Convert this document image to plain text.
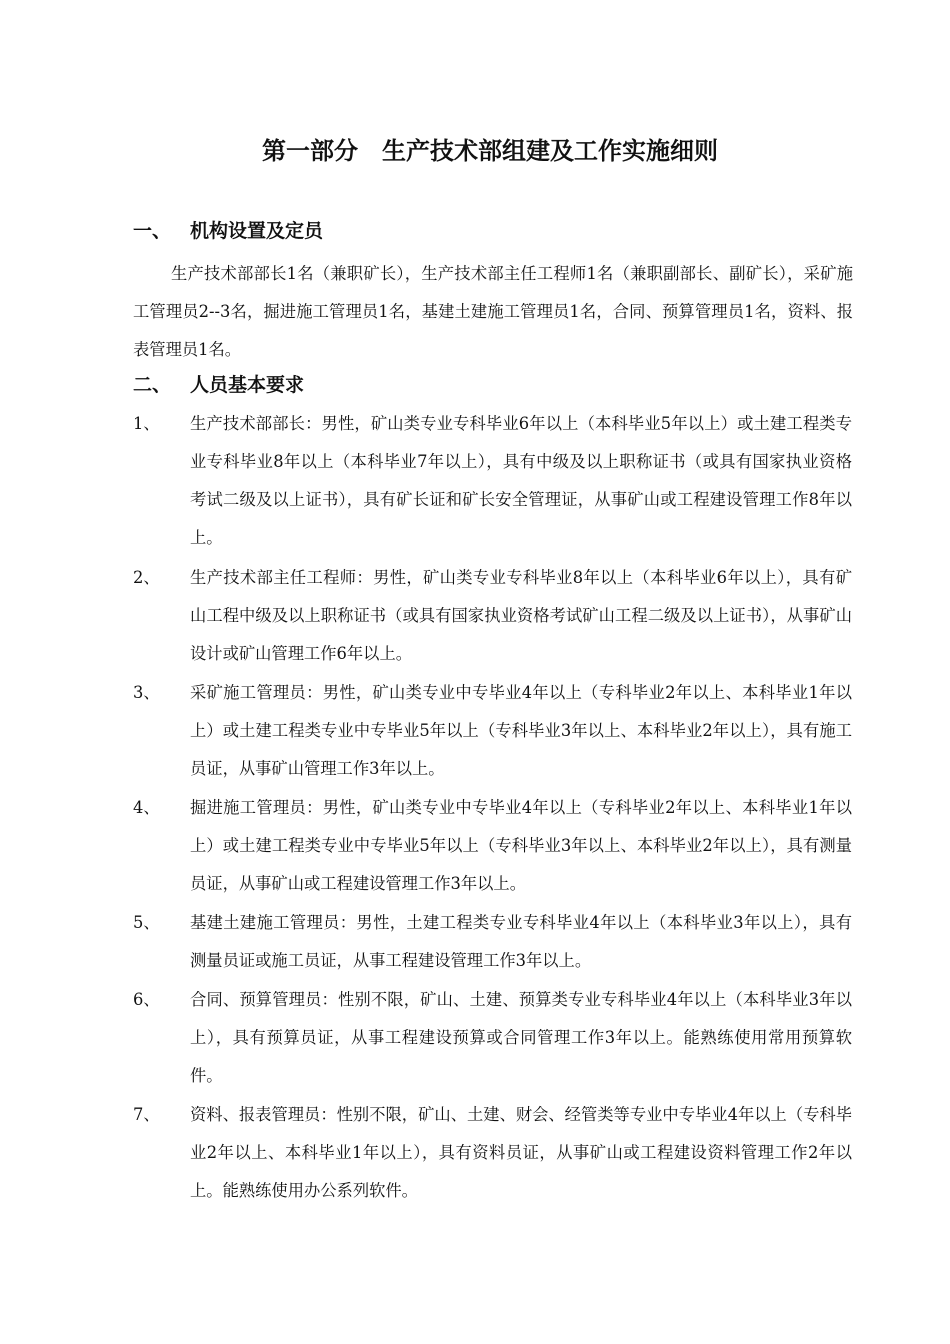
第一部分　生产技术部组建及工作实施细则
一、 机构设置及定员
生产技术部部长1名（兼职矿长），生产技术部主任工程师1名（兼职副部长、副矿长），采矿施工管理员2--3名，掘进施工管理员1名，基建土建施工管理员1名，合同、预算管理员1名，资料、报表管理员1名。
二、 人员基本要求
1、 生产技术部部长：男性，矿山类专业专科毕业6年以上（本科毕业5年以上）或土建工程类专业专科毕业8年以上（本科毕业7年以上），具有中级及以上职称证书（或具有国家执业资格考试二级及以上证书），具有矿长证和矿长安全管理证，从事矿山或工程建设管理工作8年以上。
2、 生产技术部主任工程师：男性，矿山类专业专科毕业8年以上（本科毕业6年以上），具有矿山工程中级及以上职称证书（或具有国家执业资格考试矿山工程二级及以上证书），从事矿山设计或矿山管理工作6年以上。
3、 采矿施工管理员：男性，矿山类专业中专毕业4年以上（专科毕业2年以上、本科毕业1年以上）或土建工程类专业中专毕业5年以上（专科毕业3年以上、本科毕业2年以上），具有施工员证，从事矿山管理工作3年以上。
4、 掘进施工管理员：男性，矿山类专业中专毕业4年以上（专科毕业2年以上、本科毕业1年以上）或土建工程类专业中专毕业5年以上（专科毕业3年以上、本科毕业2年以上），具有测量员证，从事矿山或工程建设管理工作3年以上。
5、 基建土建施工管理员：男性，土建工程类专业专科毕业4年以上（本科毕业3年以上），具有测量员证或施工员证，从事工程建设管理工作3年以上。
6、 合同、预算管理员：性别不限，矿山、土建、预算类专业专科毕业4年以上（本科毕业3年以上），具有预算员证，从事工程建设预算或合同管理工作3年以上。能熟练使用常用预算软件。
7、 资料、报表管理员：性别不限，矿山、土建、财会、经管类等专业中专毕业4年以上（专科毕业2年以上、本科毕业1年以上），具有资料员证，从事矿山或工程建设资料管理工作2年以上。能熟练使用办公系列软件。
